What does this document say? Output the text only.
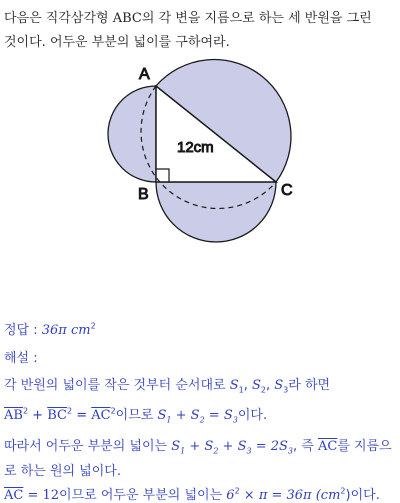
다음은 직각삼각형 ABC의 각 변을 지름으로 하는 세 반원을 그린
것이다. 어두운 부분의 넓이를 구하여라.
A
B	C
12cm
정답 : 36π $cm^2$
해설 :
각 반원의 넓이를 작은 것부터 순서대로 $S_1$, $S_2$, $S_3$라 하면
$\overline{AB}^2 + \overline{BC}^2 = \overline{AC}^2$이므로 $S_1 + S_2 = S_3$이다.
따라서 어두운 부분의 넓이는 $S_1 + S_2 + S_3 = 2S_3$, 즉 $\overline{AC}$를 지름으
로 하는 원의 넓이다.
$\overline{AC} = 12$이므로 어두운 부분의 넓이는 $6^2 \times \pi = 36\pi$ $(cm^2)$이다.
